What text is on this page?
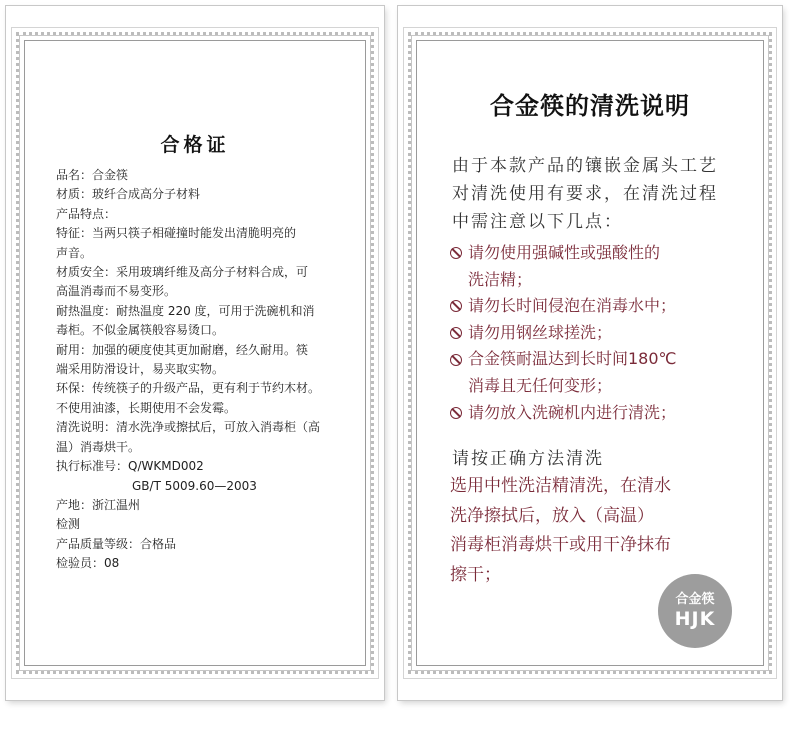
合格证
品名：合金筷
材质：玻纤合成高分子材料
产品特点：
特征：当两只筷子相碰撞时能发出清脆明亮的
声音。
材质安全：采用玻璃纤维及高分子材料合成，可
高温消毒而不易变形。
耐热温度：耐热温度 220 度，可用于洗碗机和消
毒柜。不似金属筷般容易烫口。
耐用：加强的硬度使其更加耐磨，经久耐用。筷
端采用防滑设计，易夹取实物。
环保：传统筷子的升级产品，更有利于节约木材。
不使用油漆，长期使用不会发霉。
清洗说明：清水洗净或擦拭后，可放入消毒柜（高
温）消毒烘干。
执行标准号：Q/WKMD002
GB/T 5009.60—2003
产地：浙江温州
检测
产品质量等级：合格品
检验员：08
合金筷的清洗说明
由于本款产品的镶嵌金属头工艺
对清洗使用有要求，在清洗过程
中需注意以下几点：
请勿使用强碱性或强酸性的
洗洁精；
请勿长时间侵泡在消毒水中；
请勿用钢丝球搓洗；
合金筷耐温达到长时间180℃
消毒且无任何变形；
请勿放入洗碗机内进行清洗；
请按正确方法清洗
选用中性洗洁精清洗，在清水
洗净擦拭后，放入（高温）
消毒柜消毒烘干或用干净抹布
擦干；
合金筷
HJK
